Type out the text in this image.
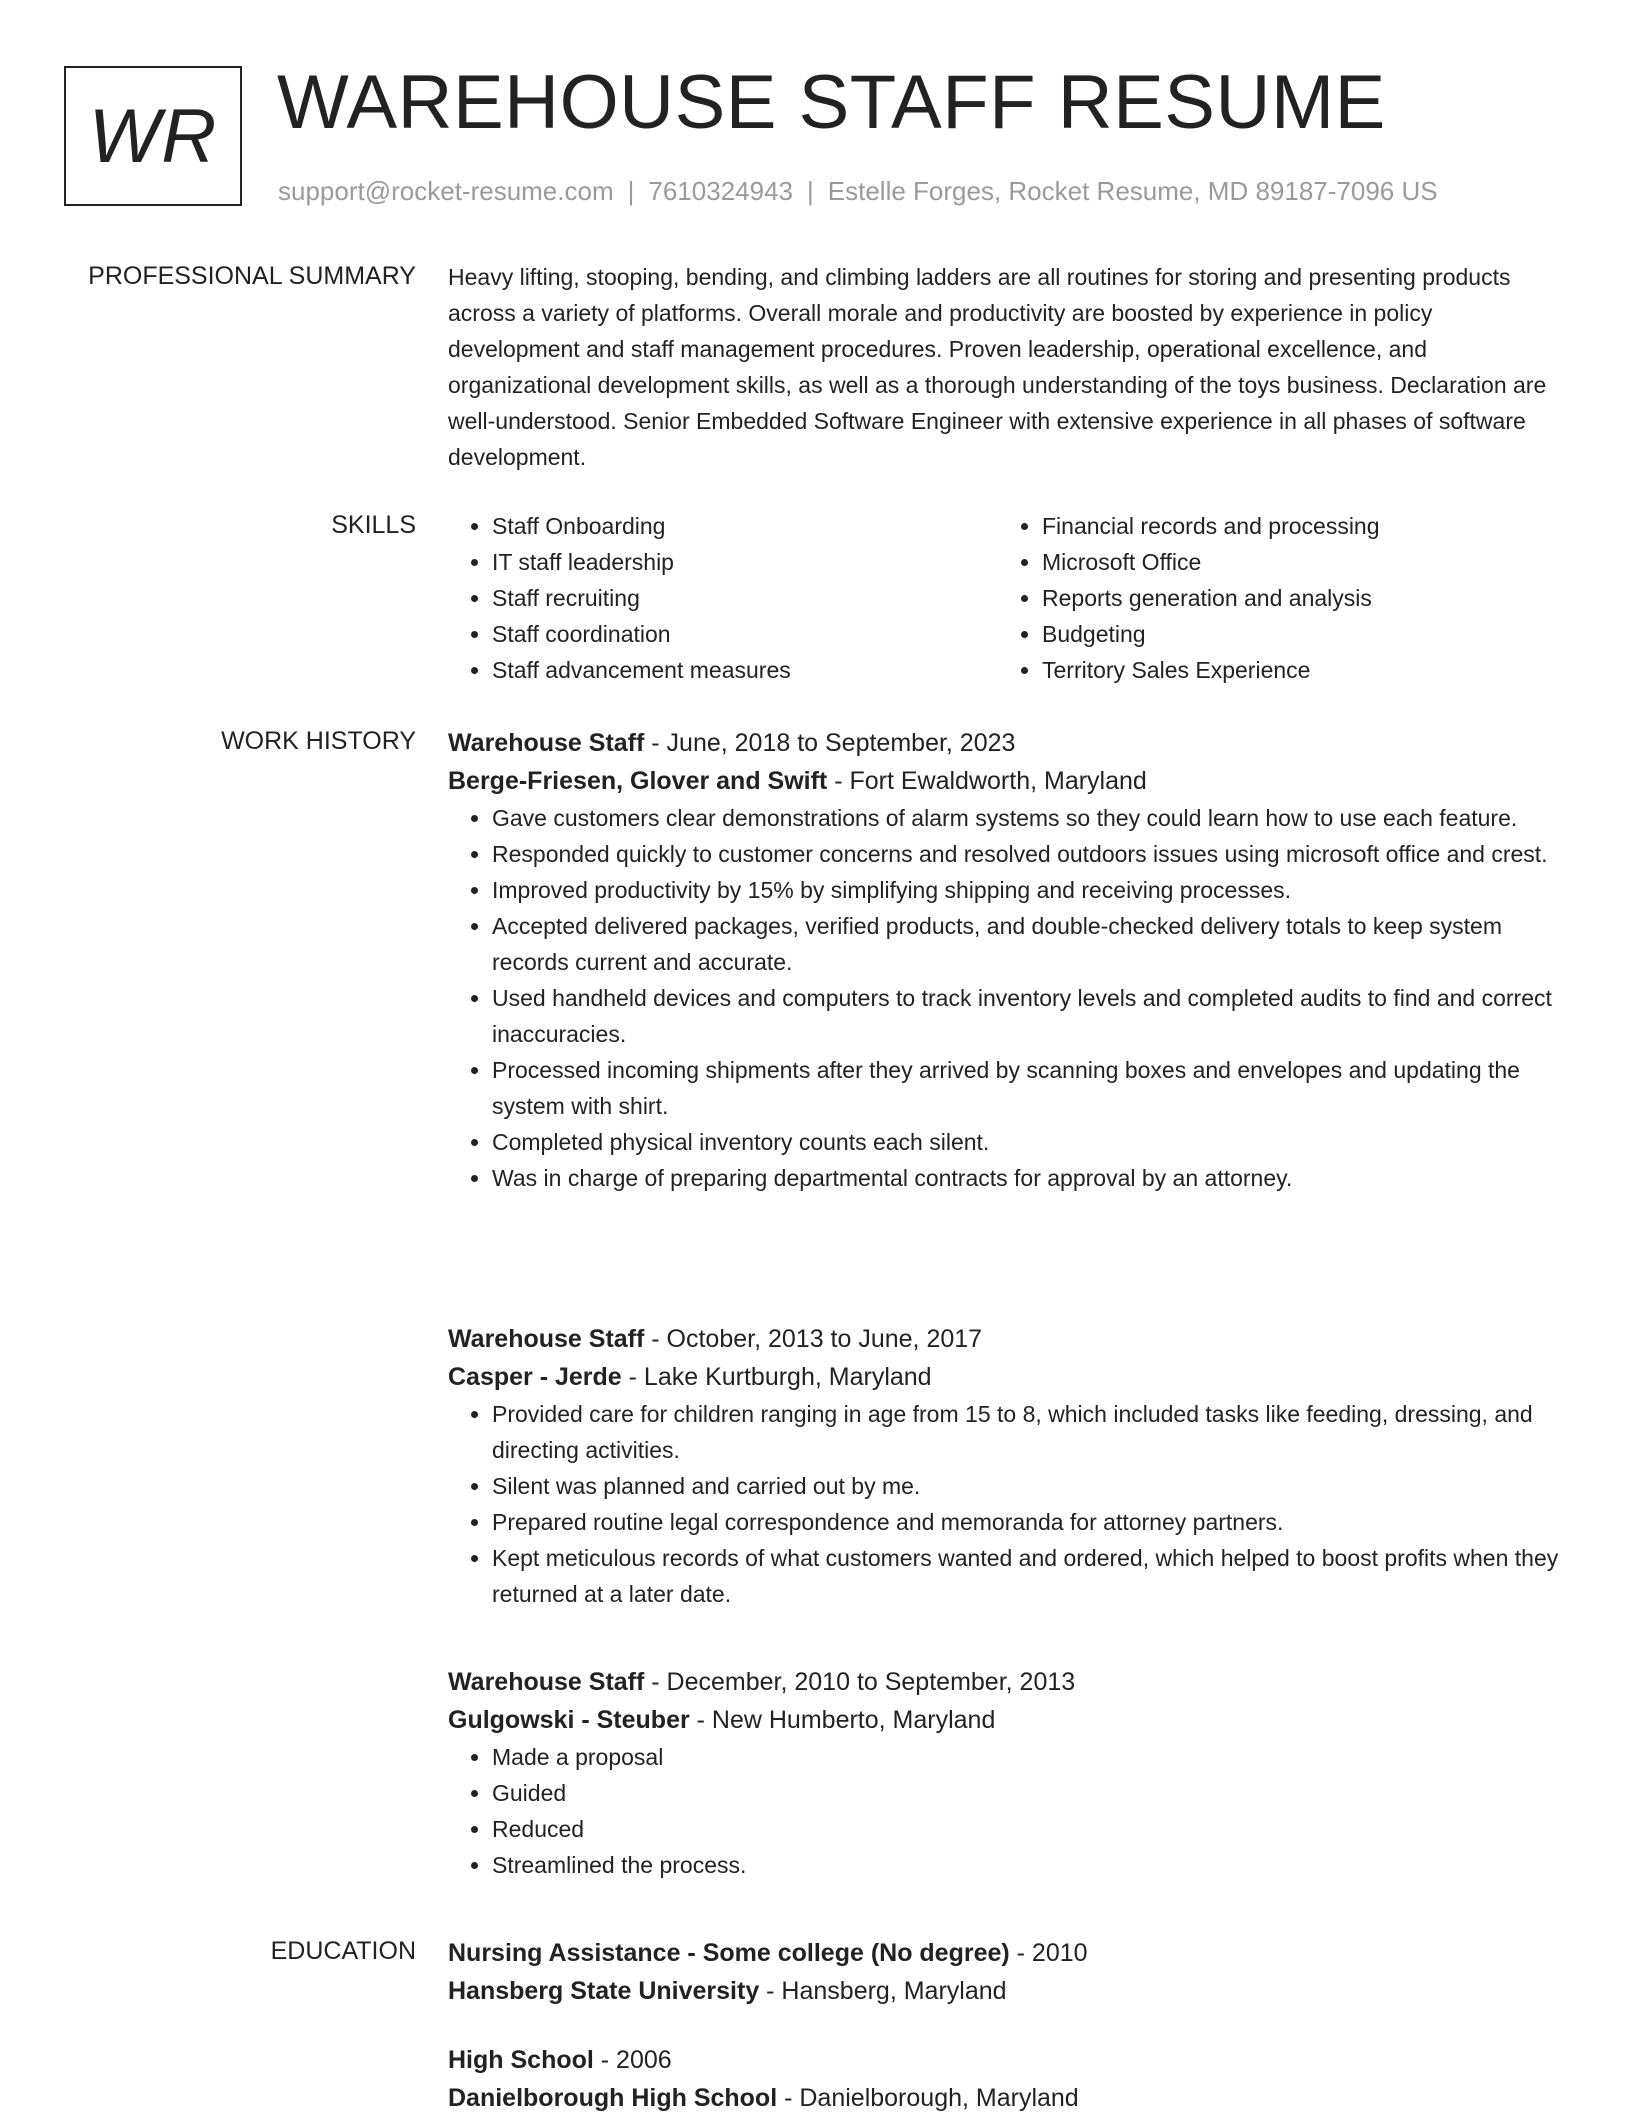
WR WAREHOUSE STAFF RESUME
support@rocket-resume.com | 7610324943 | Estelle Forges, Rocket Resume, MD 89187-7096 US
PROFESSIONAL SUMMARY Heavy lifting, stooping, bending, and climbing ladders are all routines for storing and presenting products across a variety of platforms. Overall morale and productivity are boosted by experience in policy development and staff management procedures. Proven leadership, operational excellence, and organizational development skills, as well as a thorough understanding of the toys business. Declaration are well-understood. Senior Embedded Software Engineer with extensive experience in all phases of software development.

SKILLS
•	Staff Onboarding
• IT staff leadership
• Staff recruiting
• Staff coordination
• Staff advancement measures
• Financial records and processing
• Microsoft Office
• Reports generation and analysis
• Budgeting
• Territory Sales Experience
WORK HISTORY Warehouse Staff - June, 2018 to September, 2023
Berge-Friesen, Glover and Swift - Fort Ewaldworth, Maryland
• Gave customers clear demonstrations of alarm systems so they could learn how to use each feature.
• Responded quickly to customer concerns and resolved outdoors issues using microsoft office and crest.
• Improved productivity by 15% by simplifying shipping and receiving processes.
• Accepted delivered packages, verified products, and double-checked delivery totals to keep system records current and accurate.
• Used handheld devices and computers to track inventory levels and completed audits to find and correct inaccuracies.
• Processed incoming shipments after they arrived by scanning boxes and envelopes and updating the system with shirt.
• Completed physical inventory counts each silent.
• Was in charge of preparing departmental contracts for approval by an attorney.
Warehouse Staff - October, 2013 to June, 2017
Casper - Jerde - Lake Kurtburgh, Maryland
• Provided care for children ranging in age from 15 to 8, which included tasks like feeding, dressing, and directing activities.
• Silent was planned and carried out by me.
• Prepared routine legal correspondence and memoranda for attorney partners.
• Kept meticulous records of what customers wanted and ordered, which helped to boost profits when they returned at a later date.
Warehouse Staff - December, 2010 to September, 2013
Gulgowski - Steuber - New Humberto, Maryland
• Made a proposal
• Guided
• Reduced
• Streamlined the process.
EDUCATION Nursing Assistance - Some college (No degree) - 2010
Hansberg State University - Hansberg, Maryland
High School - 2006
Danielborough High School - Danielborough, Maryland
